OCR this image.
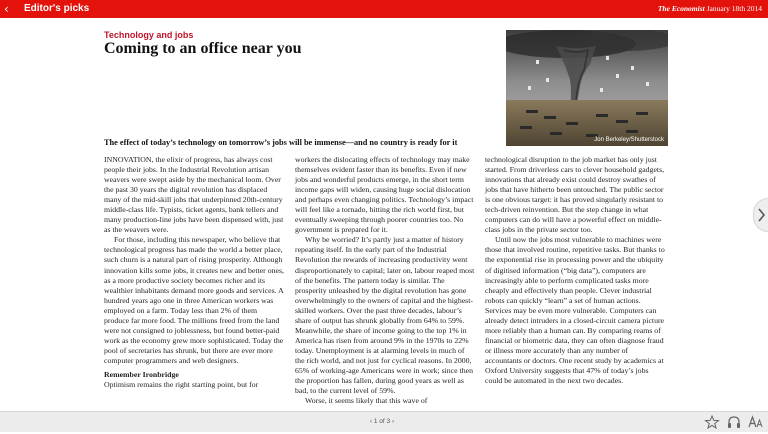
‹ Editor's picks	The Economist January 18th 2014
Technology and jobs
Coming to an office near you
Jon Berkeley/Shutterstock
The effect of today’s technology on tomorrow’s jobs will be immense—and no country is ready for it

INNOVATION, the elixir of progress, has always cost people their jobs. In the Industrial Revolution artisan weavers were swept aside by the mechanical loom. Over the past 30 years the digital revolution has displaced many of the mid-skill jobs that underpinned 20th-century middle-class life. Typists, ticket agents, bank tellers and many production-line jobs have been dispensed with, just as the weavers were.

For those, including this newspaper, who believe that technological progress has made the world a better place, such churn is a natural part of rising prosperity. Although innovation kills some jobs, it creates new and better ones, as a more productive society becomes richer and its wealthier inhabitants demand more goods and services. A hundred years ago one in three American workers was employed on a farm. Today less than 2% of them produce far more food. The millions freed from the land were not consigned to joblessness, but found better-paid work as the economy grew more sophisticated. Today the pool of secretaries has shrunk, but there are ever more computer programmers and web designers.

Remember Ironbridge

Optimism remains the right starting point, but for

workers the dislocating effects of technology may make themselves evident faster than its benefits. Even if new jobs and wonderful products emerge, in the short term income gaps will widen, causing huge social dislocation and perhaps even changing politics. Technology’s impact will feel like a tornado, hitting the rich world first, but eventually sweeping through poorer countries too. No government is prepared for it.

Why be worried? It’s partly just a matter of history repeating itself. In the early part of the Industrial Revolution the rewards of increasing productivity went disproportionately to capital; later on, labour reaped most of the benefits. The pattern today is similar. The prosperity unleashed by the digital revolution has gone overwhelmingly to the owners of capital and the highest-skilled workers. Over the past three decades, labour’s share of output has shrunk globally from 64% to 59%. Meanwhile, the share of income going to the top 1% in America has risen from around 9% in the 1970s to 22% today. Unemployment is at alarming levels in much of the rich world, and not just for cyclical reasons. In 2000, 65% of working-age Americans were in work; since then the proportion has fallen, during good years as well as bad, to the current level of 59%.

Worse, it seems likely that this wave of

technological disruption to the job market has only just started. From driverless cars to clever household gadgets, innovations that already exist could destroy swathes of jobs that have hitherto been untouched. The public sector is one obvious target: it has proved singularly resistant to tech-driven reinvention. But the step change in what computers can do will have a powerful effect on middle-class jobs in the private sector too.

Until now the jobs most vulnerable to machines were those that involved routine, repetitive tasks. But thanks to the exponential rise in processing power and the ubiquity of digitised information (“big data”), computers are increasingly able to perform complicated tasks more cheaply and effectively than people. Clever industrial robots can quickly “learn” a set of human actions. Services may be even more vulnerable. Computers can already detect intruders in a closed-circuit camera picture more reliably than a human can. By comparing reams of financial or biometric data, they can often diagnose fraud or illness more accurately than any number of accountants or doctors. One recent study by academics at Oxford University suggests that 47% of today’s jobs could be automated in the next two decades.

‹ 1 of 3 ›
